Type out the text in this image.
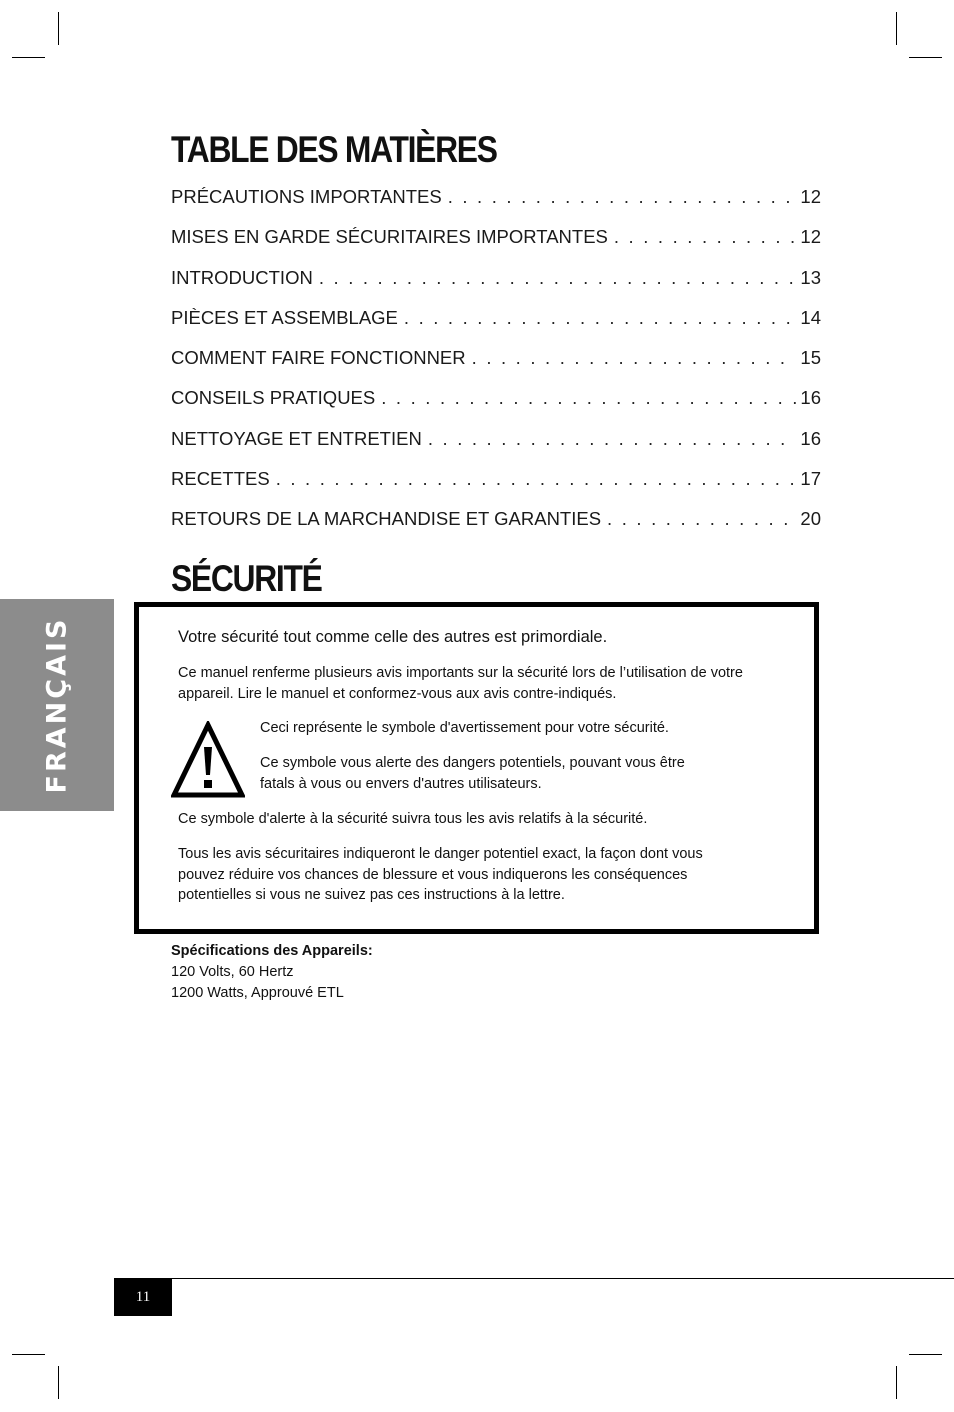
TABLE DES MATIÈRES
PRÉCAUTIONS IMPORTANTES . . .	12
MISES EN GARDE SÉCURITAIRES IMPORTANTES . . .	12
INTRODUCTION . . .	13
PIÈCES ET ASSEMBLAGE . . .	14
COMMENT FAIRE FONCTIONNER . . .	15
CONSEILS PRATIQUES . . .	16
NETTOYAGE ET ENTRETIEN . . .	16
RECETTES . . .	17
RETOURS DE LA MARCHANDISE ET GARANTIES . . .	20
SÉCURITÉ
FRANÇAIS	Votre sécurité tout comme celle des autres est primordiale.

Ce manuel renferme plusieurs avis importants sur la sécurité lors de l’utilisation de votre appareil. Lire le manuel et conformez-vous aux avis contre-indiqués.

Ceci représente le symbole d'avertissement pour votre sécurité.

Ce symbole vous alerte des dangers potentiels, pouvant vous être fatals à vous ou envers d'autres utilisateurs.

Ce symbole d'alerte à la sécurité suivra tous les avis relatifs à la sécurité.

Tous les avis sécuritaires indiqueront le danger potentiel exact, la façon dont vous pouvez réduire vos chances de blessure et vous indiquerons les conséquences potentielles si vous ne suivez pas ces instructions à la lettre.

Spécifications des Appareils:
120 Volts, 60 Hertz
1200 Watts, Approuvé ETL
11
